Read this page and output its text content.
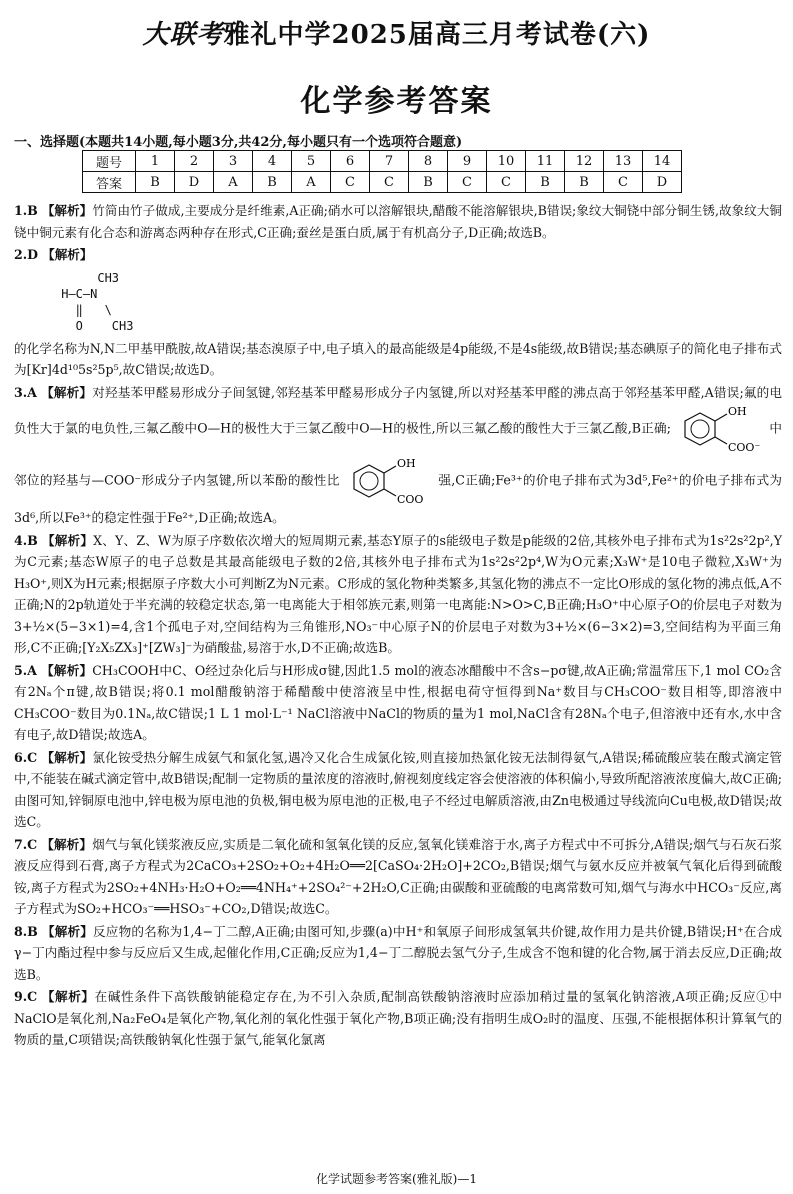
大联考雅礼中学2025届高三月考试卷(六)
化学参考答案
一、选择题(本题共14小题,每小题3分,共42分,每小题只有一个选项符合题意)
题号	1	2	3	4	5	6	7	8	9	10	11	12	13	14
答案	B	D	A	B	A	C	C	B	C	C	B	B	C	D
1.B 【解析】竹简由竹子做成,主要成分是纤维素,A正确;硝水可以溶解银块,醋酸不能溶解银块,B错误;象纹大铜铙中部分铜生锈,故象纹大铜铙中铜元素有化合态和游离态两种存在形式,C正确;蚕丝是蛋白质,属于有机高分子,D正确;故选B。
2.D 【解析】
CH3
H—C—N
‖   \
O    CH3
的化学名称为N,N二甲基甲酰胺,故A错误;基态溴原子中,电子填入的最高能级是4p能级,不是4s能级,故B错误;基态碘原子的简化电子排布式为[Kr]4d¹⁰5s²5p⁵,故C错误;故选D。
3.A 【解析】对羟基苯甲醛易形成分子间氢键,邻羟基苯甲醛易形成分子内氢键,所以对羟基苯甲醛的沸点高于邻羟基苯甲醛,A错误;氟的电负性大于氯的电负性,三氟乙酸中O—H的极性大于三氯乙酸中O—H的极性,所以三氟乙酸的酸性大于三氯乙酸,B正确;
OH
COO⁻
中邻位的羟基与—COO⁻形成分子内氢键,所以苯酚的酸性比
OH
COO
强,C正确;Fe³⁺的价电子排布式为3d⁵,Fe²⁺的价电子排布式为3d⁶,所以Fe³⁺的稳定性强于Fe²⁺,D正确;故选A。
4.B 【解析】X、Y、Z、W为原子序数依次增大的短周期元素,基态Y原子的s能级电子数是p能级的2倍,其核外电子排布式为1s²2s²2p²,Y为C元素;基态W原子的电子总数是其最高能级电子数的2倍,其核外电子排布式为1s²2s²2p⁴,W为O元素;X₃W⁺是10电子微粒,X₃W⁺为H₃O⁺,则X为H元素;根据原子序数大小可判断Z为N元素。C形成的氢化物种类繁多,其氢化物的沸点不一定比O形成的氢化物的沸点低,A不正确;N的2p轨道处于半充满的较稳定状态,第一电离能大于相邻族元素,则第一电离能:N>O>C,B正确;H₃O⁺中心原子O的价层电子对数为3+½×(5−3×1)=4,含1个孤电子对,空间结构为三角锥形,NO₃⁻中心原子N的价层电子对数为3+½×(6−3×2)=3,空间结构为平面三角形,C不正确;[Y₂X₅ZX₃]⁺[ZW₃]⁻为硝酸盐,易溶于水,D不正确;故选B。
5.A 【解析】CH₃COOH中C、O经过杂化后与H形成σ键,因此1.5 mol的液态冰醋酸中不含s−pσ键,故A正确;常温常压下,1 mol CO₂含有2Nₐ个π键,故B错误;将0.1 mol醋酸钠溶于稀醋酸中使溶液呈中性,根据电荷守恒得到Na⁺数目与CH₃COO⁻数目相等,即溶液中CH₃COO⁻数目为0.1Nₐ,故C错误;1 L 1 mol·L⁻¹ NaCl溶液中NaCl的物质的量为1 mol,NaCl含有28Nₐ个电子,但溶液中还有水,水中含有电子,故D错误;故选A。
6.C 【解析】氯化铵受热分解生成氨气和氯化氢,遇冷又化合生成氯化铵,则直接加热氯化铵无法制得氨气,A错误;稀硫酸应装在酸式滴定管中,不能装在碱式滴定管中,故B错误;配制一定物质的量浓度的溶液时,俯视刻度线定容会使溶液的体积偏小,导致所配溶液浓度偏大,故C正确;由图可知,锌铜原电池中,锌电极为原电池的负极,铜电极为原电池的正极,电子不经过电解质溶液,由Zn电极通过导线流向Cu电极,故D错误;故选C。
7.C 【解析】烟气与氧化镁浆液反应,实质是二氧化硫和氢氧化镁的反应,氢氧化镁难溶于水,离子方程式中不可拆分,A错误;烟气与石灰石浆液反应得到石膏,离子方程式为2CaCO₃+2SO₂+O₂+4H₂O══2[CaSO₄·2H₂O]+2CO₂,B错误;烟气与氨水反应并被氧气氧化后得到硫酸铵,离子方程式为2SO₂+4NH₃·H₂O+O₂══4NH₄⁺+2SO₄²⁻+2H₂O,C正确;由碳酸和亚硫酸的电离常数可知,烟气与海水中HCO₃⁻反应,离子方程式为SO₂+HCO₃⁻══HSO₃⁻+CO₂,D错误;故选C。
8.B 【解析】反应物的名称为1,4−丁二醇,A正确;由图可知,步骤(a)中H⁺和氧原子间形成氢氧共价键,故作用力是共价键,B错误;H⁺在合成γ−丁内酯过程中参与反应后又生成,起催化作用,C正确;反应为1,4−丁二醇脱去氢气分子,生成含不饱和键的化合物,属于消去反应,D正确;故选B。
9.C 【解析】在碱性条件下高铁酸钠能稳定存在,为不引入杂质,配制高铁酸钠溶液时应添加稍过量的氢氧化钠溶液,A项正确;反应①中NaClO是氧化剂,Na₂FeO₄是氧化产物,氧化剂的氧化性强于氧化产物,B项正确;没有指明生成O₂时的温度、压强,不能根据体积计算氧气的物质的量,C项错误;高铁酸钠氧化性强于氯气,能氧化氯离
化学试题参考答案(雅礼版)—1
